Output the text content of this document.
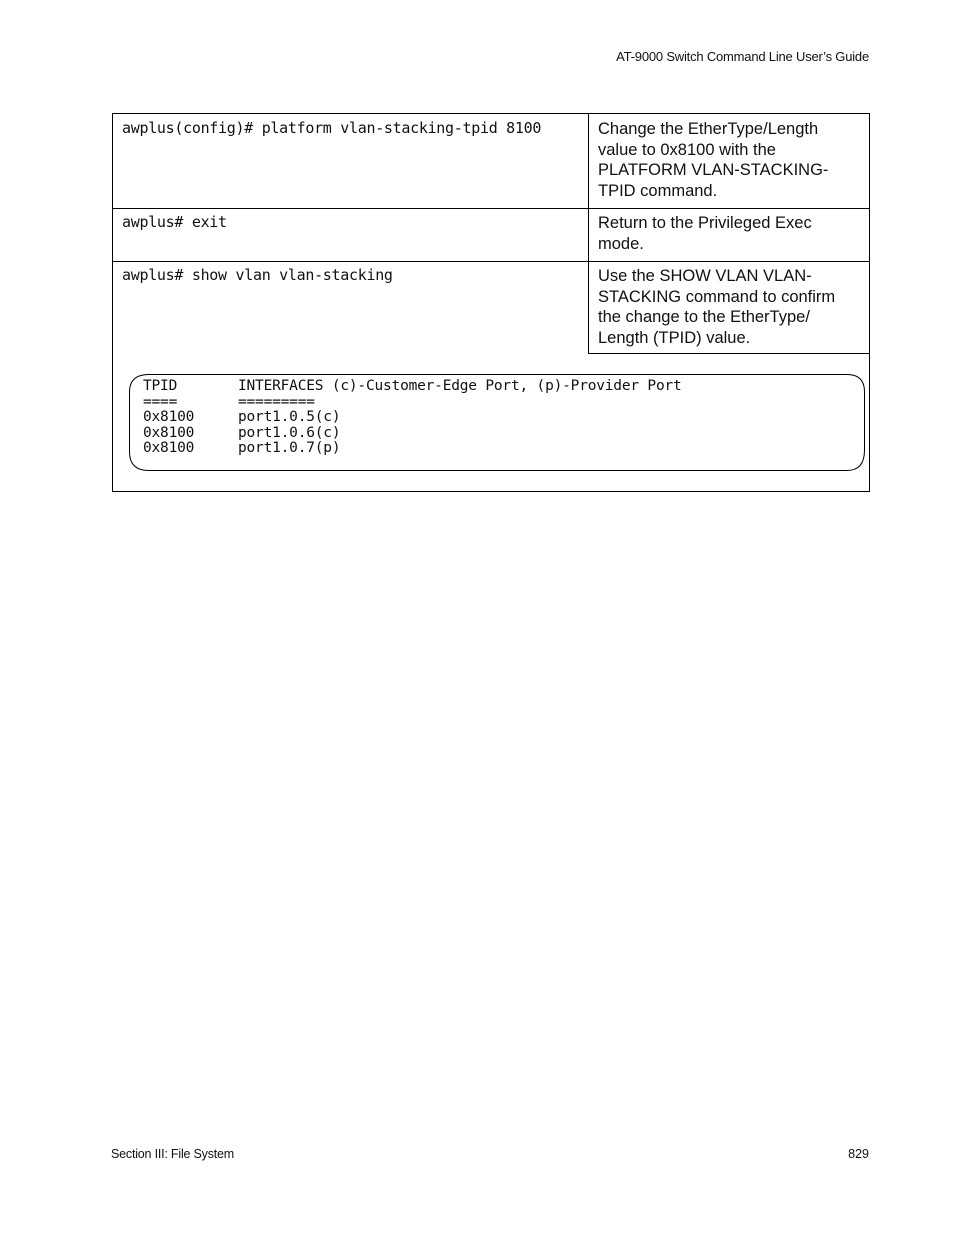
AT-9000 Switch Command Line User’s Guide
awplus(config)# platform vlan-stacking-tpid 8100	Change the EtherType/Length value to 0x8100 with the PLATFORM VLAN-STACKING-TPID command.
awplus# exit	Return to the Privileged Exec mode.
awplus# show vlan vlan-stacking	Use the SHOW VLAN VLAN-STACKING command to confirm the change to the EtherType/ Length (TPID) value.
TPID	INTERFACES (c)-Customer-Edge Port, (p)-Provider Port
====	=========
0x8100	port1.0.5(c)
0x8100	port1.0.6(c)
0x8100	port1.0.7(p)
Section III: File System	829
